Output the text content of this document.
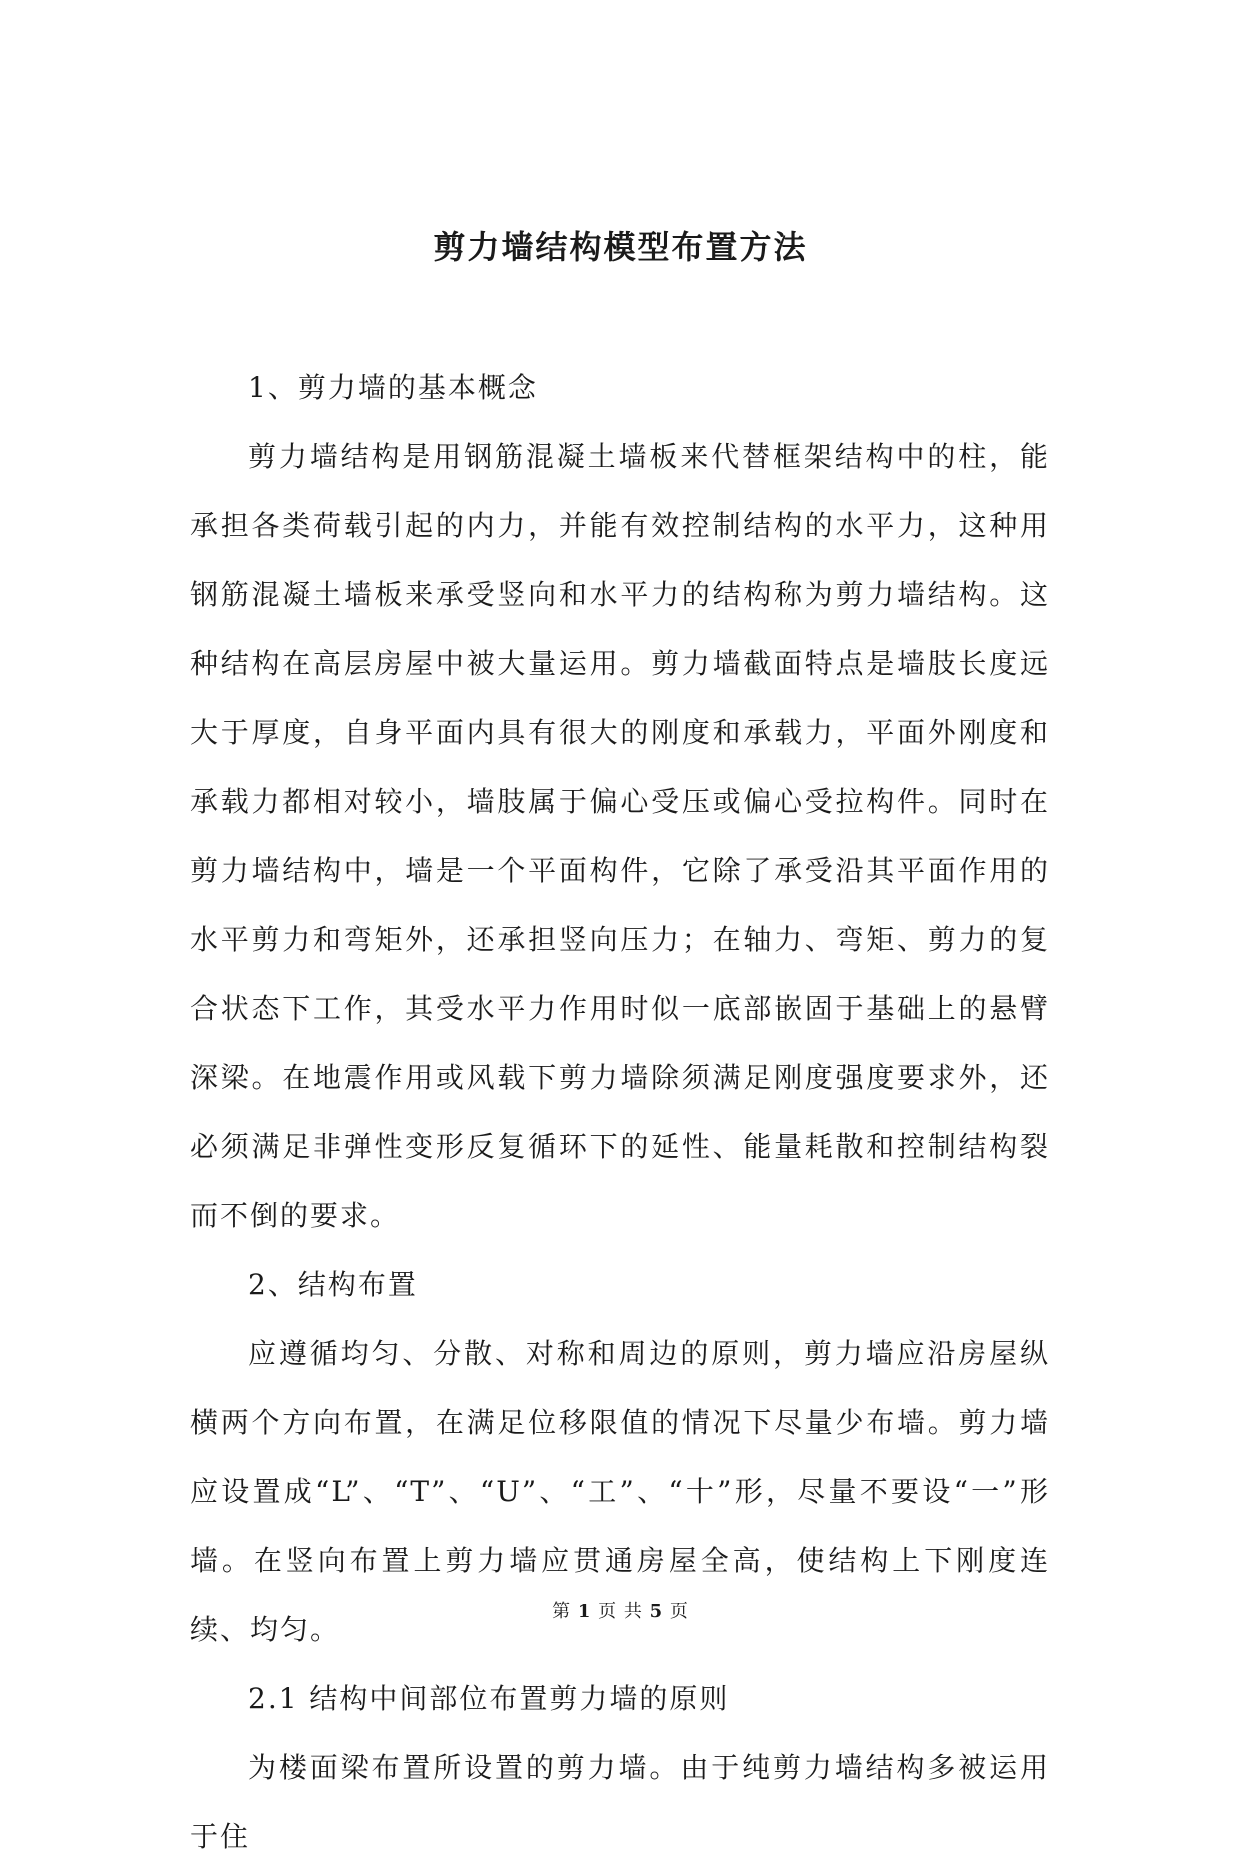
剪力墙结构模型布置方法

1、剪力墙的基本概念

剪力墙结构是用钢筋混凝土墙板来代替框架结构中的柱，能承担各类荷载引起的内力，并能有效控制结构的水平力，这种用钢筋混凝土墙板来承受竖向和水平力的结构称为剪力墙结构。这种结构在高层房屋中被大量运用。剪力墙截面特点是墙肢长度远大于厚度，自身平面内具有很大的刚度和承载力，平面外刚度和承载力都相对较小，墙肢属于偏心受压或偏心受拉构件。同时在剪力墙结构中，墙是一个平面构件，它除了承受沿其平面作用的水平剪力和弯矩外，还承担竖向压力；在轴力、弯矩、剪力的复合状态下工作，其受水平力作用时似一底部嵌固于基础上的悬臂深梁。在地震作用或风载下剪力墙除须满足刚度强度要求外，还必须满足非弹性变形反复循环下的延性、能量耗散和控制结构裂而不倒的要求。

2、结构布置

应遵循均匀、分散、对称和周边的原则，剪力墙应沿房屋纵横两个方向布置，在满足位移限值的情况下尽量少布墙。剪力墙应设置成“L”、“T”、“U”、“工”、“十”形，尽量不要设“一”形墙。在竖向布置上剪力墙应贯通房屋全高，使结构上下刚度连续、均匀。

2.1 结构中间部位布置剪力墙的原则

为楼面梁布置所设置的剪力墙。由于纯剪力墙结构多被运用于住

第 1 页 共 5 页
